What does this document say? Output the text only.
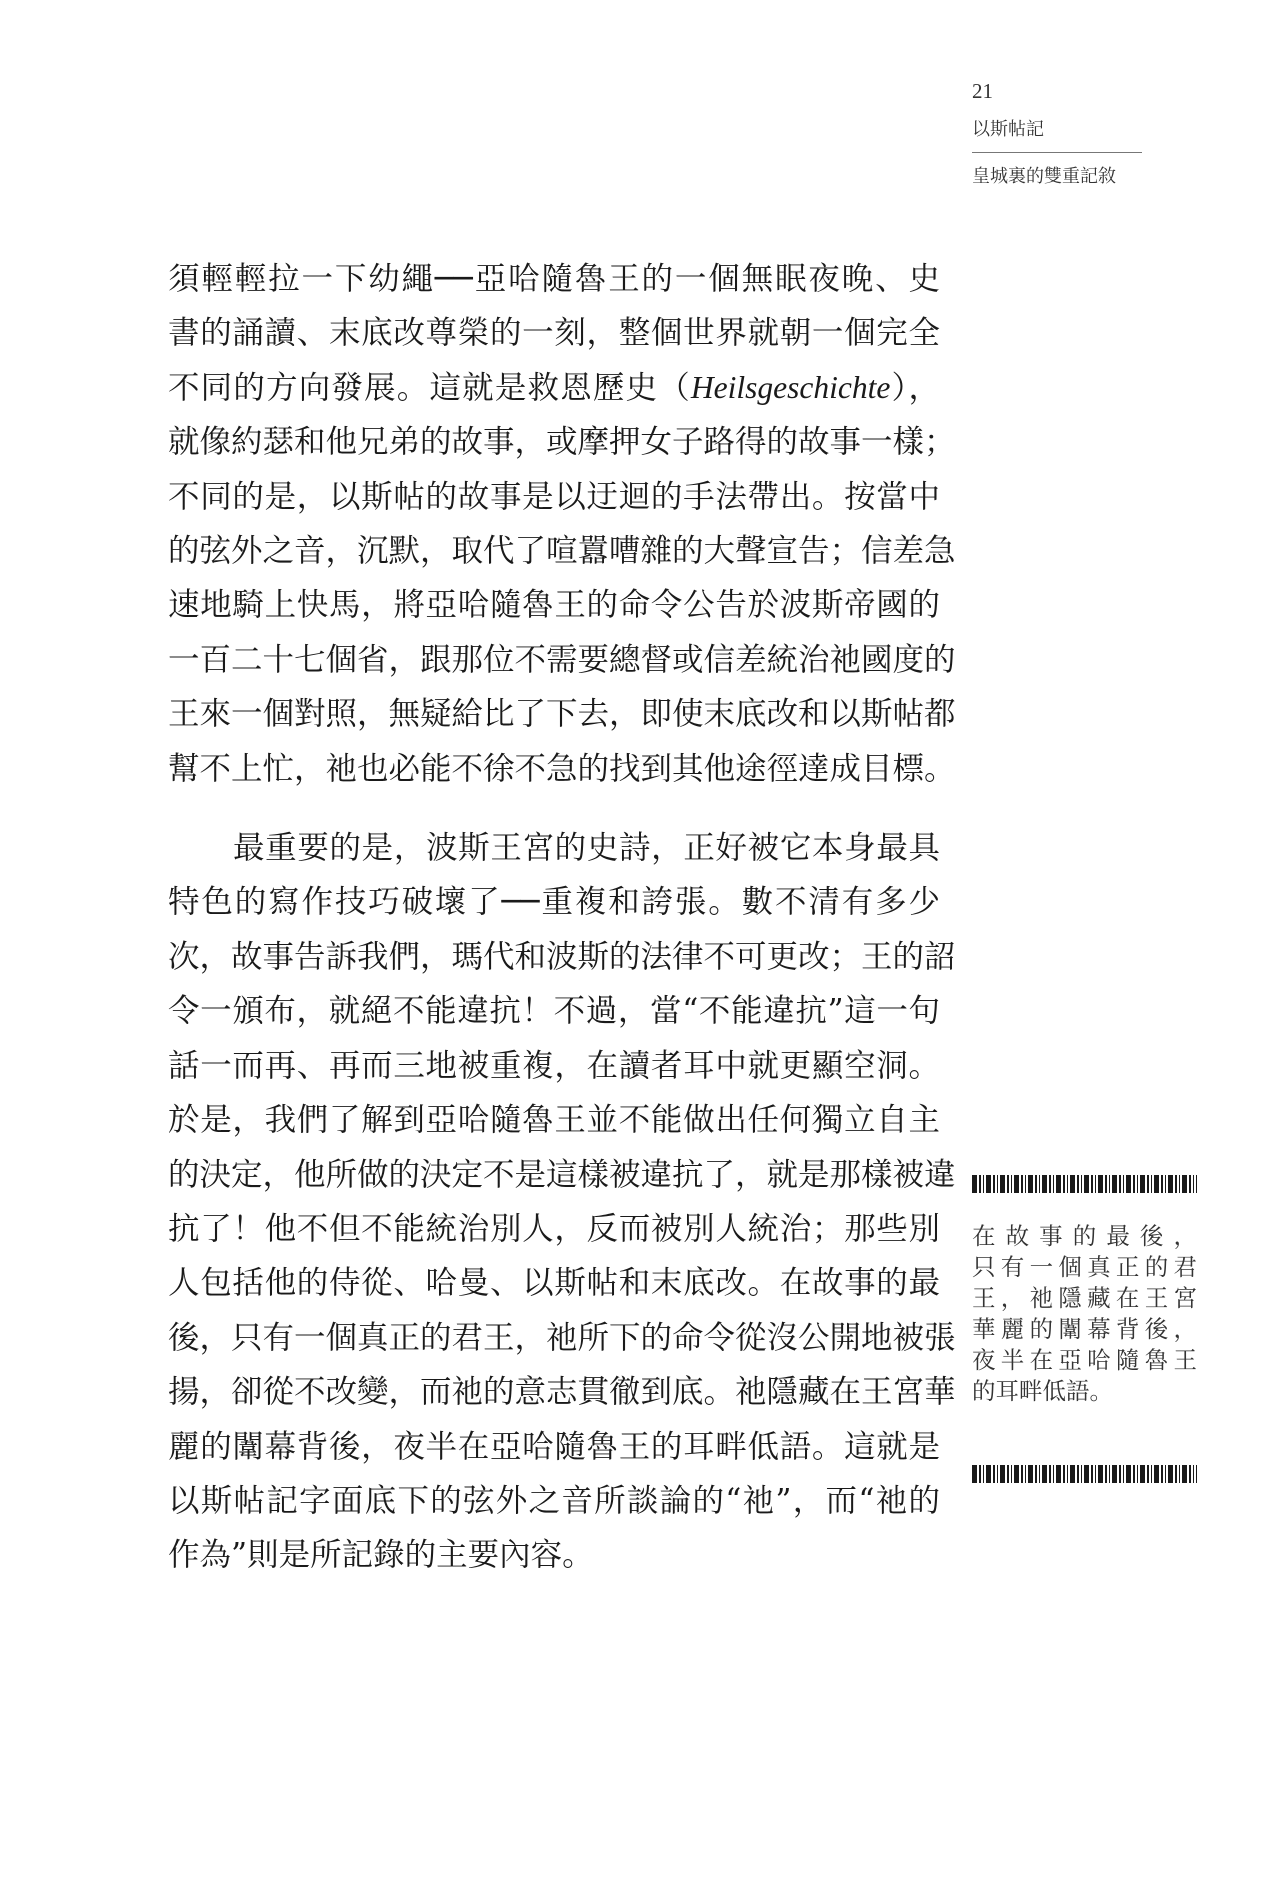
21
以斯帖記
皇城裏的雙重記敘
須輕輕拉一下幼繩──亞哈隨魯王的一個無眠夜晚、史
書的誦讀、末底改尊榮的一刻，整個世界就朝一個完全
不同的方向發展。這就是救恩歷史（Heilsgeschichte），
就像約瑟和他兄弟的故事，或摩押女子路得的故事一樣；
不同的是，以斯帖的故事是以迂迴的手法帶出。按當中
的弦外之音，沉默，取代了喧囂嘈雜的大聲宣告；信差急
速地騎上快馬，將亞哈隨魯王的命令公告於波斯帝國的
一百二十七個省，跟那位不需要總督或信差統治祂國度的
王來一個對照，無疑給比了下去，即使末底改和以斯帖都
幫不上忙，祂也必能不徐不急的找到其他途徑達成目標。
最重要的是，波斯王宮的史詩，正好被它本身最具
特色的寫作技巧破壞了──重複和誇張。數不清有多少
次，故事告訴我們，瑪代和波斯的法律不可更改；王的詔
令一頒布，就絕不能違抗！不過，當“不能違抗”這一句
話一而再、再而三地被重複，在讀者耳中就更顯空洞。
於是，我們了解到亞哈隨魯王並不能做出任何獨立自主
的決定，他所做的決定不是這樣被違抗了，就是那樣被違
抗了！他不但不能統治別人，反而被別人統治；那些別
人包括他的侍從、哈曼、以斯帖和末底改。在故事的最
後，只有一個真正的君王，祂所下的命令從沒公開地被張
揚，卻從不改變，而祂的意志貫徹到底。祂隱藏在王宮華
麗的闈幕背後，夜半在亞哈隨魯王的耳畔低語。這就是
以斯帖記字面底下的弦外之音所談論的“祂”，而“祂的
作為”則是所記錄的主要內容。
在故事的最後，
只有一個真正的君
王，祂隱藏在王宮
華麗的闈幕背後，
夜半在亞哈隨魯王
的耳畔低語。
